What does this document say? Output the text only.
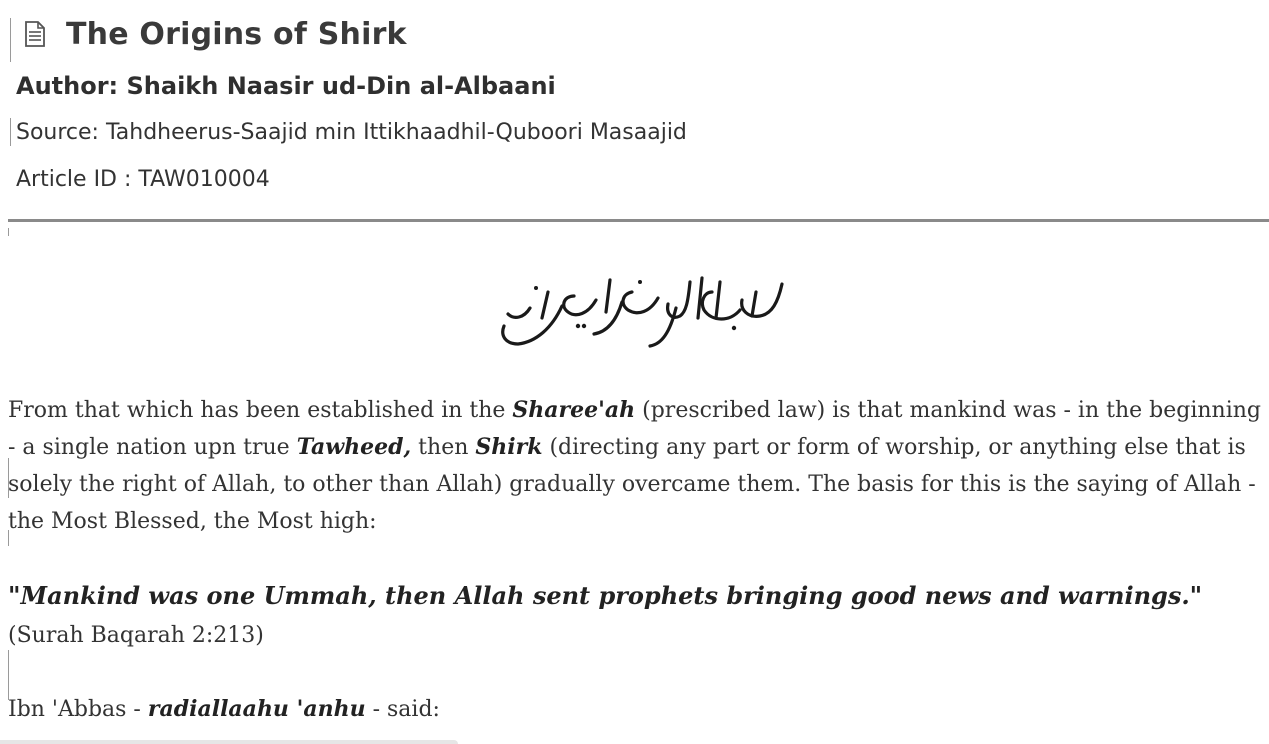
The Origins of Shirk
Author: Shaikh Naasir ud-Din al-Albaani
Source: Tahdheerus-Saajid min Ittikhaadhil-Quboori Masaajid
Article ID : TAW010004
From that which has been established in the Sharee'ah (prescribed law) is that mankind was - in the beginning - a single nation upn true Tawheed, then Shirk (directing any part or form of worship, or anything else that is solely the right of Allah, to other than Allah) gradually overcame them. The basis for this is the saying of Allah - the Most Blessed, the Most high:
"Mankind was one Ummah, then Allah sent prophets bringing good news and warnings." (Surah Baqarah 2:213)
Ibn 'Abbas - radiallaahu 'anhu - said:
